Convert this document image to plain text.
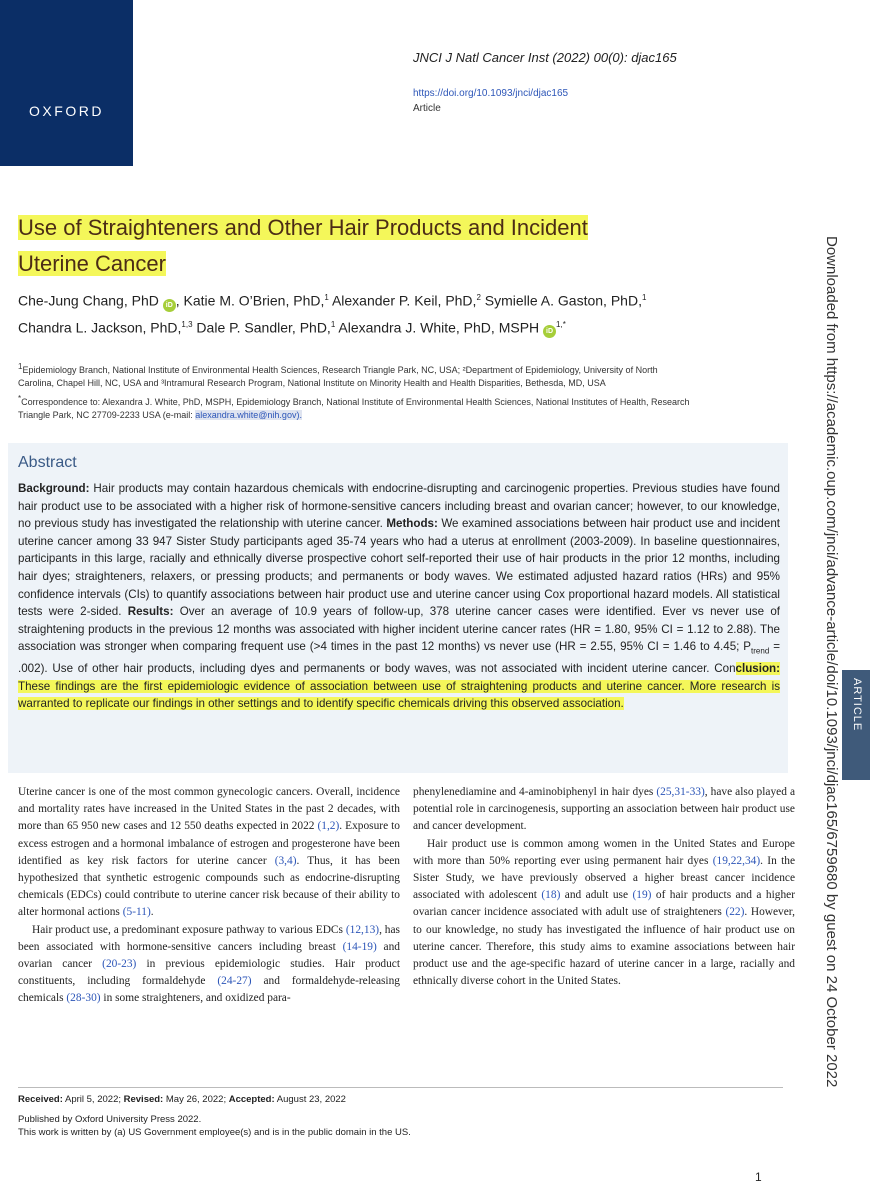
OXFORD
JNCI J Natl Cancer Inst (2022) 00(0): djac165
https://doi.org/10.1093/jnci/djac165
Article
Use of Straighteners and Other Hair Products and Incident
Uterine Cancer
Che-Jung Chang, PhD iD , Katie M. O’Brien, PhD,$^1$ Alexander P. Keil, PhD,$^2$ Symielle A. Gaston, PhD,$^1$
Chandra L. Jackson, PhD,$^{1,3}$ Dale P. Sandler, PhD,$^1$ Alexandra J. White, PhD, MSPH $iD^{1,*}$
$^1$Epidemiology Branch, National Institute of Environmental Health Sciences, Research Triangle Park, NC, USA; ²Department of Epidemiology, University of North
Carolina, Chapel Hill, NC, USA and ³Intramural Research Program, National Institute on Minority Health and Health Disparities, Bethesda, MD, USA
*Correspondence to: Alexandra J. White, PhD, MSPH, Epidemiology Branch, National Institute of Environmental Health Sciences, National Institutes of Health, Research
Triangle Park, NC 27709-2233 USA (e-mail: alexandra.white@nih.gov).
Abstract
Background: Hair products may contain hazardous chemicals with endocrine-disrupting and carcinogenic properties. Previous studies have found hair product use to be associated with a higher risk of hormone-sensitive cancers including breast and ovarian cancer; however, to our knowledge, no previous study has investigated the relationship with uterine cancer. Methods: We examined associations between hair product use and incident uterine cancer among 33 947 Sister Study participants aged 35-74 years who had a uterus at enrollment (2003-2009). In baseline questionnaires, participants in this large, racially and ethnically diverse prospective cohort self-reported their use of hair products in the prior 12 months, including hair dyes; straighteners, relaxers, or pressing products; and permanents or body waves. We estimated adjusted hazard ratios (HRs) and 95% confidence intervals (CIs) to quantify associations between hair product use and uterine cancer using Cox proportional hazard models. All statistical tests were 2-sided. Results: Over an average of 10.9 years of follow-up, 378 uterine cancer cases were identified. Ever vs never use of straightening products in the previous 12 months was associated with higher incident uterine cancer rates (HR = 1.80, 95% CI = 1.12 to 2.88). The association was stronger when comparing frequent use (>4 times in the past 12 months) vs never use (HR = 2.55, 95% CI = 1.46 to 4.45; $P_{trend} = .002$). Use of other hair products, including dyes and permanents or body waves, was not associated with incident uterine cancer. Conclusion: These findings are the first epidemiologic evidence of association between use of straightening products and uterine cancer. More research is warranted to replicate our findings in other settings and to identify specific chemicals driving this observed association.

Uterine cancer is one of the most common gynecologic cancers. Overall, incidence and mortality rates have increased in the United States in the past 2 decades, with more than 65 950 new cases and 12 550 deaths expected in 2022 (1,2). Exposure to excess estrogen and a hormonal imbalance of estrogen and progesterone have been identified as key risk factors for uterine cancer (3,4). Thus, it has been hypothesized that synthetic estrogenic compounds such as endocrine-disrupting chemicals (EDCs) could contribute to uterine cancer risk because of their ability to alter hormonal actions (5-11).

Hair product use, a predominant exposure pathway to various EDCs (12,13), has been associated with hormone-sensitive cancers including breast (14-19) and ovarian cancer (20-23) in previous epidemiologic studies. Hair product constituents, including formaldehyde (24-27) and formaldehyde-releasing chemicals (28-30) in some straighteners, and oxidized para-

phenylenediamine and 4-aminobiphenyl in hair dyes (25,31-33), have also played a potential role in carcinogenesis, supporting an association between hair product use and cancer development.

Hair product use is common among women in the United States and Europe with more than 50% reporting ever using permanent hair dyes (19,22,34). In the Sister Study, we have previously observed a higher breast cancer incidence associated with adolescent (18) and adult use (19) of hair products and a higher ovarian cancer incidence associated with adult use of straighteners (22). However, to our knowledge, no study has investigated the influence of hair product use on uterine cancer. Therefore, this study aims to examine associations between hair product use and the age-specific hazard of uterine cancer in a large, racially and ethnically diverse cohort in the United States.

Received: April 5, 2022; Revised: May 26, 2022; Accepted: August 23, 2022
Published by Oxford University Press 2022.
This work is written by (a) US Government employee(s) and is in the public domain in the US.
1
Downloaded from https://academic.oup.com/jnci/advance-article/doi/10.1093/jnci/djac165/6759680 by guest on 24 October 2022 ARTICLE
